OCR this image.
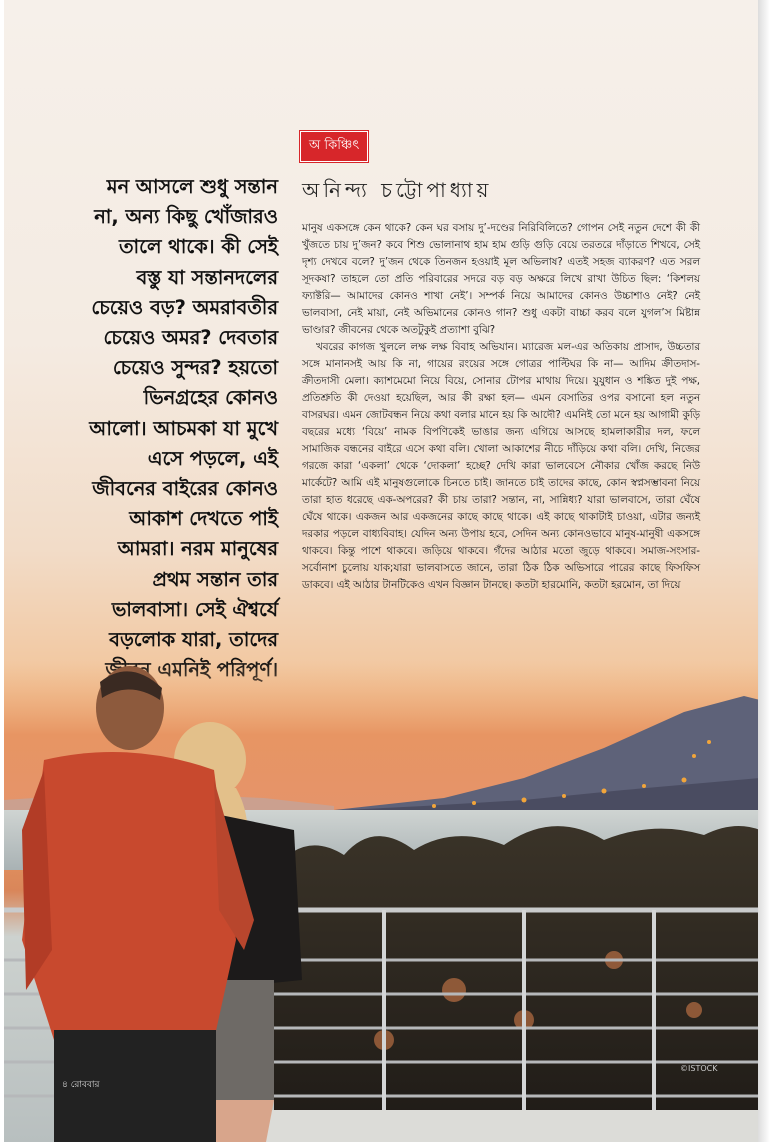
অ কিঞ্চিৎ
অনিন্দ্য চট্টোপাধ্যায়
মন আসলে শুধু সন্তান
না, অন্য কিছু খোঁজারও
তালে থাকে। কী সেই
বস্তু যা সন্তানদলের
চেয়েও বড়? অমরাবতীর
চেয়েও অমর? দেবতার
চেয়েও সুন্দর? হয়তো
ভিনগ্রহের কোনও
আলো। আচমকা যা মুখে
এসে পড়লে, এই
জীবনের বাইরের কোনও
আকাশ দেখতে পাই
আমরা। নরম মানুষের
প্রথম সন্তান তার
ভালবাসা। সেই ঐশ্বর্যে
বড়লোক যারা, তাদের

মানুষ একসঙ্গে কেন থাকে? কেন ঘর বসায় দু’-দণ্ডের নিরিবিলিতে? গোপন সেই নতুন দেশে কী কী খুঁজতে চায় দু’জন? কবে শিশু ভোলানাথ হাম হাম গুড়ি গুড়ি বেয়ে তরতরে দাঁড়াতে শিখবে, সেই দৃশ্য দেখবে বলে? দু’জন থেকে তিনজন হওয়াই মূল অভিলাষ? এতই সহজ ব্যাকরণ? এত সরল সূদকষা? তাহলে তো প্রতি পরিবারের সদরে বড় বড় অক্ষরে লিখে রাখা উচিত ছিল: ‘কিশলয় ফ্যাক্টরি— আমাদের কোনও শাখা নেই’। সম্পর্ক নিয়ে আমাদের কোনও উচ্চাশাও নেই? নেই ভালবাসা, নেই মায়া, নেই অভিমানের কোনও গান? শুধু একটা বাচ্চা করব বলে যুগল’স মিষ্টান্ন ভাণ্ডার? জীবনের থেকে অতটুকুই প্রত্যাশা বুঝি?

খবরের কাগজ খুললে লক্ষ লক্ষ বিবাহ অভিযান। ম্যারেজ মল-এর অতিকায় প্রাসাদ, উচ্চতার সঙ্গে মানানসই আয় কি না, গায়ের রংয়ের সঙ্গে গোত্রর পাল্টিঘর কি না— আদিম ক্রীতদাস-ক্রীতদাসী মেলা। ক্যাশমেমো নিয়ে বিয়ে, সোনার টোপর মাথায় দিয়ে। যুযুধান ও শঙ্কিত দুই পক্ষ, প্রতিশ্রুতি কী দেওয়া হয়েছিল, আর কী রক্ষা হল— এমন বেসাতির ওপর বসানো হল নতুন বাসরঘর। এমন জোটবন্ধন নিয়ে কথা বলার মানে হয় কি আদৌ? এমনিই তো মনে হয় আগামী কুড়ি বছরের মধ্যে ‘বিয়ে’ নামক বিপণিকেই ভাঙার জন্য এগিয়ে আসছে হামলাকারীর দল, ফলে সামাজিক বন্ধনের বাইরে এসে কথা বলি। খোলা আকাশের নীচে দাঁড়িয়ে কথা বলি। দেখি, নিজের গরজে কারা ‘একলা’ থেকে ‘দোকলা’ হচ্ছে? দেখি কারা ভালবেসে নৌকার খোঁজ করছে নিউ মার্কেটে? আমি এই মানুষগুলোকে চিনতে চাই। জানতে চাই তাদের কাছে, কোন স্বপ্নসম্ভাবনা নিয়ে তারা হাত ধরেছে এক-অপরের? কী চায় তারা? সন্তান, না, সান্নিধ্য? যারা ভালবাসে, তারা ঘেঁষে ঘেঁষে থাকে। একজন আর একজনের কাছে কাছে থাকে। এই কাছে থাকাটাই চাওয়া, এটার জন্যই দরকার পড়লে বাধ্যবিবাহ। যেদিন অন্য উপায় হবে, সেদিন অন্য কোনওভাবে মানুষ-মানুষী একসঙ্গে থাকবে। কিন্তু পাশে থাকবে। জড়িয়ে থাকবে। গঁদের আঠার মতো জুড়ে থাকবে। সমাজ-সংসার-সর্বোনাশ চুলোয় যাক;যারা ভালবাসতে জানে, তারা ঠিক ঠিক অভিসারে পারের কাছে ফিসফিস ডাকবে। এই আঠার টানটিকেও এখন বিজ্ঞান টানছে। কতটা হারমোনি, কতটা হরমোন, তা দিয়ে

৪ রোববার
©ISTOCK
